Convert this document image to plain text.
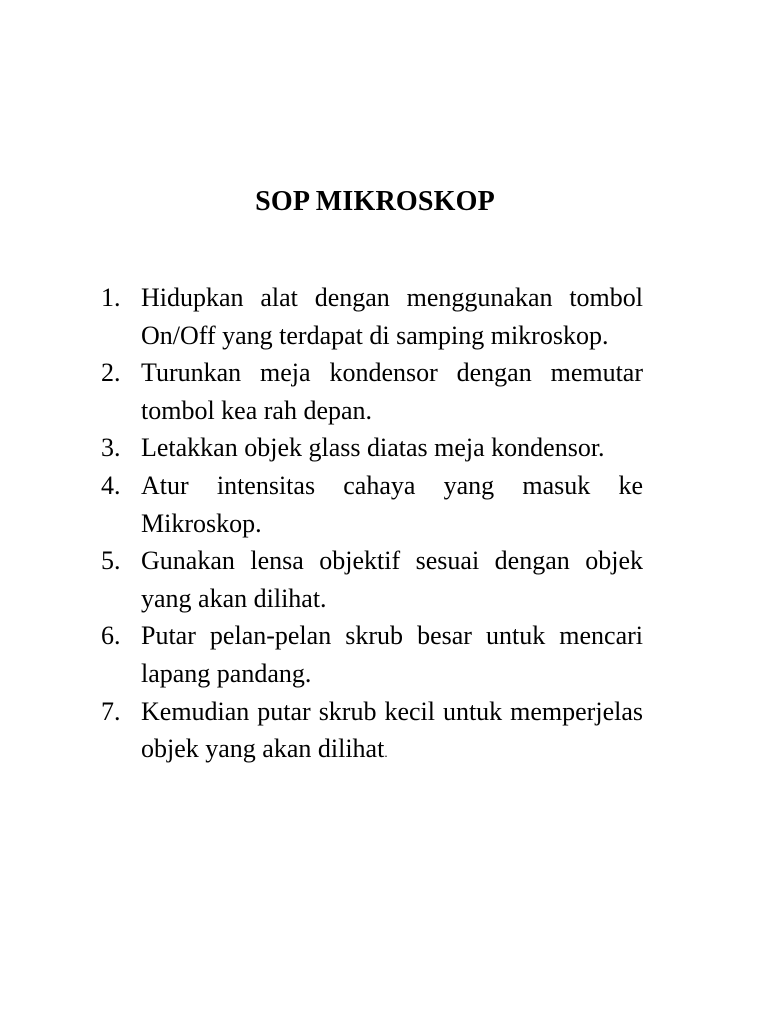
SOP MIKROSKOP
1. Hidupkan alat dengan menggunakan tombol On/Off yang terdapat di samping mikroskop.
2. Turunkan meja kondensor dengan memutar tombol kea rah depan.
3. Letakkan objek glass diatas meja kondensor.
4. Atur intensitas cahaya yang masuk ke Mikroskop.
5. Gunakan lensa objektif sesuai dengan objek yang akan dilihat.
6. Putar pelan-pelan skrub besar untuk mencari lapang pandang.
7. Kemudian putar skrub kecil untuk memperjelas objek yang akan dilihat.
